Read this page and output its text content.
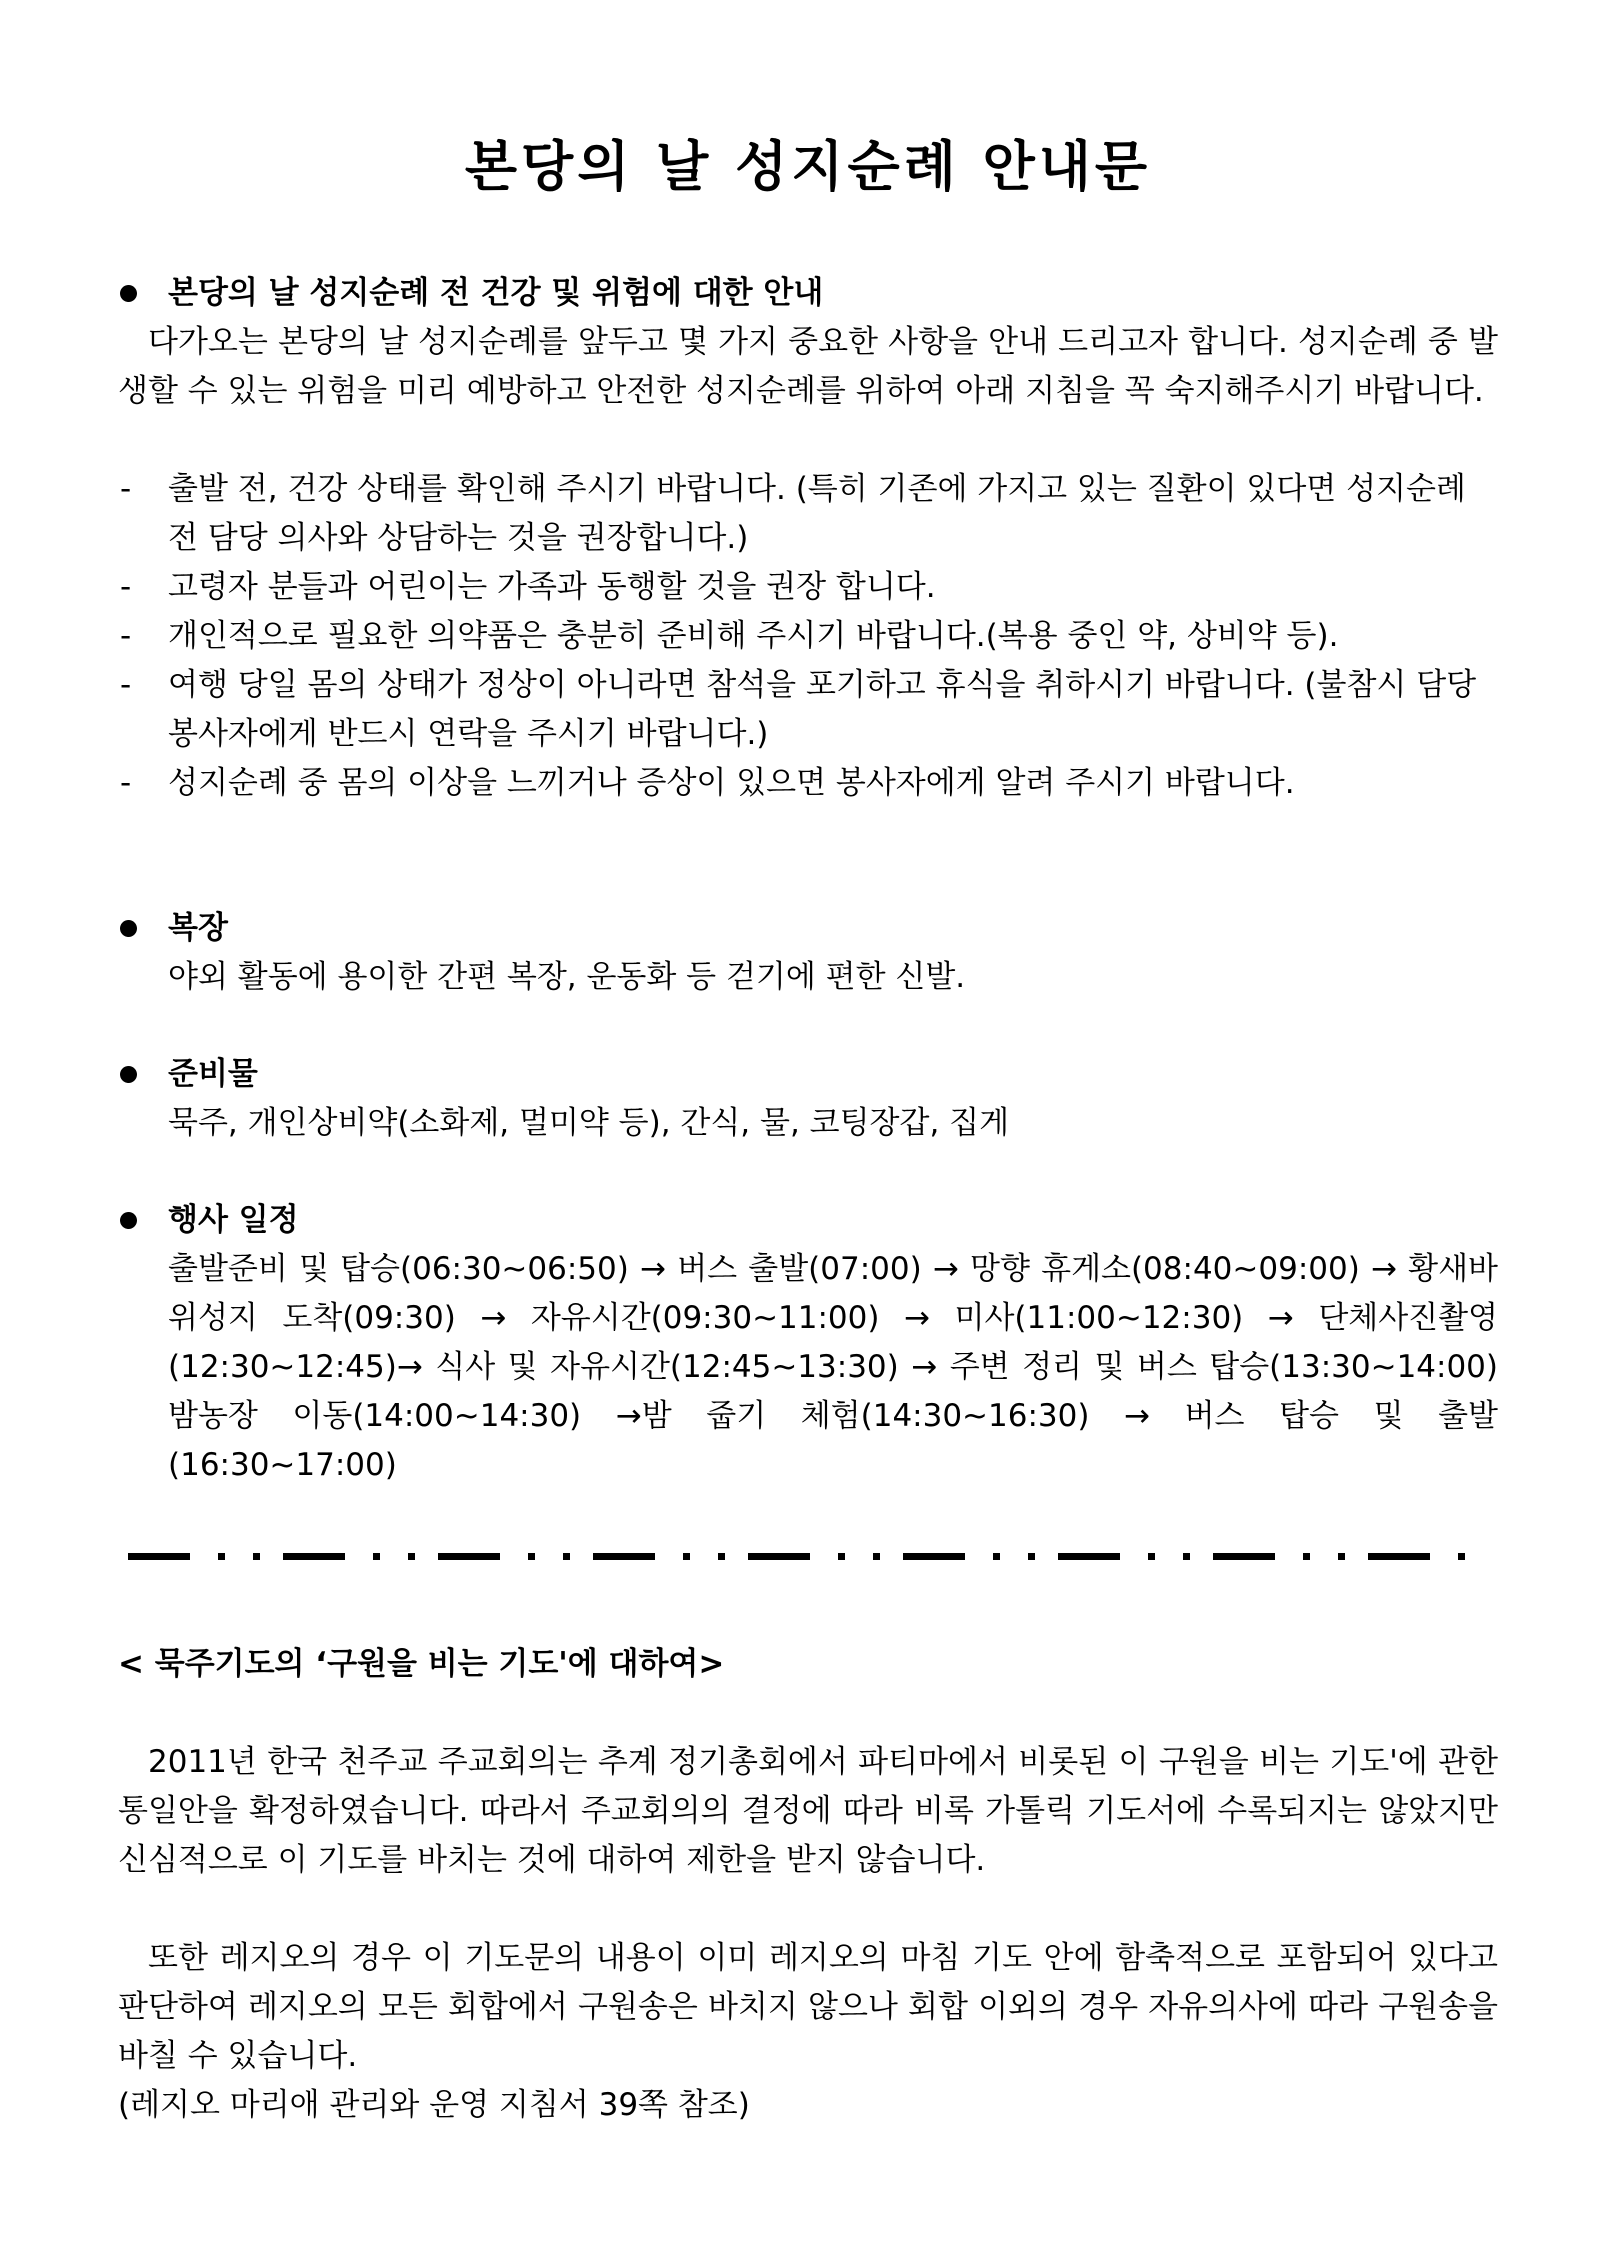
본당의 날 성지순례 안내문
본당의 날 성지순례 전 건강 및 위험에 대한 안내

다가오는 본당의 날 성지순례를 앞두고 몇 가지 중요한 사항을 안내 드리고자 합니다. 성지순례 중 발생할 수 있는 위험을 미리 예방하고 안전한 성지순례를 위하여 아래 지침을 꼭 숙지해주시기 바랍니다.

- 출발 전, 건강 상태를 확인해 주시기 바랍니다. (특히 기존에 가지고 있는 질환이 있다면 성지순례 전 담당 의사와 상담하는 것을 권장합니다.)
- 고령자 분들과 어린이는 가족과 동행할 것을 권장 합니다.
- 개인적으로 필요한 의약품은 충분히 준비해 주시기 바랍니다.(복용 중인 약, 상비약 등).
- 여행 당일 몸의 상태가 정상이 아니라면 참석을 포기하고 휴식을 취하시기 바랍니다. (불참시 담당 봉사자에게 반드시 연락을 주시기 바랍니다.)
- 성지순례 중 몸의 이상을 느끼거나 증상이 있으면 봉사자에게 알려 주시기 바랍니다.
복장

야외 활동에 용이한 간편 복장, 운동화 등 걷기에 편한 신발.

준비물

묵주, 개인상비약(소화제, 멀미약 등), 간식, 물, 코팅장갑, 집게

행사 일정

출발준비 및 탑승(06:30~06:50) → 버스 출발(07:00) → 망향 휴게소(08:40~09:00) → 황새바위성지 도착(09:30) → 자유시간(09:30~11:00) → 미사(11:00~12:30) → 단체사진촬영(12:30~12:45)→ 식사 및 자유시간(12:45~13:30) → 주변 정리 및 버스 탑승(13:30~14:00) 밤농장 이동(14:00~14:30) →밤 줍기 체험(14:30~16:30) → 버스 탑승 및 출발 (16:30~17:00)

< 묵주기도의 ‘구원을 비는 기도'에 대하여>

2011년 한국 천주교 주교회의는 추계 정기총회에서 파티마에서 비롯된 이 구원을 비는 기도'에 관한 통일안을 확정하였습니다. 따라서 주교회의의 결정에 따라 비록 가톨릭 기도서에 수록되지는 않았지만 신심적으로 이 기도를 바치는 것에 대하여 제한을 받지 않습니다.

또한 레지오의 경우 이 기도문의 내용이 이미 레지오의 마침 기도 안에 함축적으로 포함되어 있다고 판단하여 레지오의 모든 회합에서 구원송은 바치지 않으나 회합 이외의 경우 자유의사에 따라 구원송을 바칠 수 있습니다.

(레지오 마리애 관리와 운영 지침서 39쪽 참조)
